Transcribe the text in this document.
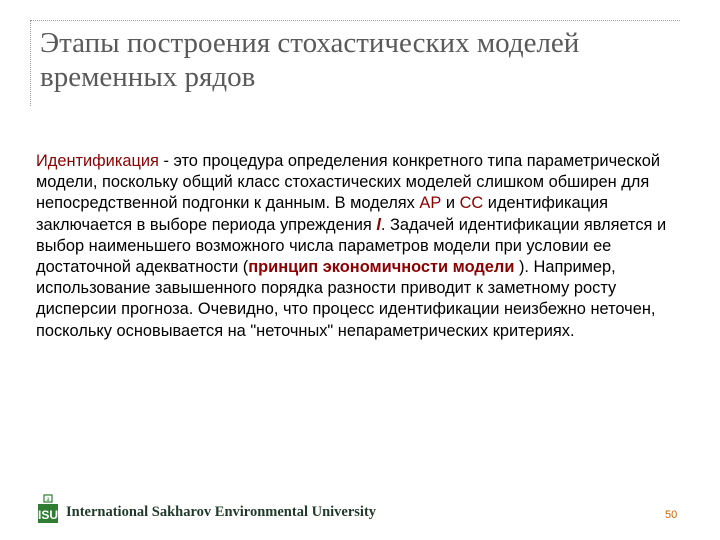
Этапы построения стохастических моделей
временных рядов

Идентификация - это процедура определения конкретного типа параметрической модели, поскольку общий класс стохастических моделей слишком обширен для непосредственной подгонки к данным. В моделях АР и СС идентификация заключается в выборе периода упреждения l. Задачей идентификации является и выбор наименьшего возможного числа параметров модели при условии ее достаточной адекватности (принцип экономичности модели ). Например, использование завышенного порядка разности приводит к заметному росту дисперсии прогноза. Очевидно, что процесс идентификации неизбежно неточен, поскольку основывается на "неточных" непараметрических критериях.

a
ISU International Sakharov Environmental University	50
